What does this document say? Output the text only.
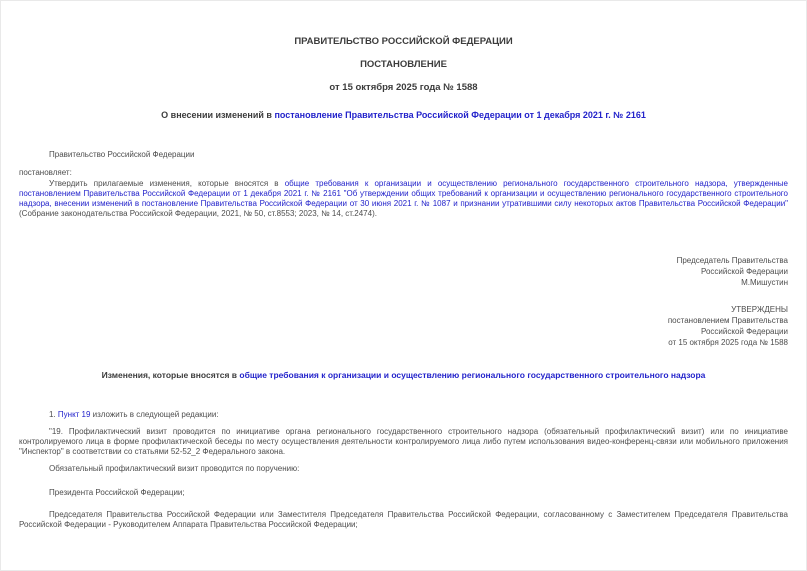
ПРАВИТЕЛЬСТВО РОССИЙСКОЙ ФЕДЕРАЦИИ
ПОСТАНОВЛЕНИЕ
от 15 октября 2025 года № 1588
О внесении изменений в постановление Правительства Российской Федерации от 1 декабря 2021 г. № 2161
Правительство Российской Федерации
постановляет:
Утвердить прилагаемые изменения, которые вносятся в общие требования к организации и осуществлению регионального государственного строительного надзора, утвержденные постановлением Правительства Российской Федерации от 1 декабря 2021 г. № 2161 "Об утверждении общих требований к организации и осуществлению регионального государственного строительного надзора, внесении изменений в постановление Правительства Российской Федерации от 30 июня 2021 г. № 1087 и признании утратившими силу некоторых актов Правительства Российской Федерации" (Собрание законодательства Российской Федерации, 2021, № 50, ст.8553; 2023, № 14, ст.2474).
Председатель Правительства
Российской Федерации
М.Мишустин
УТВЕРЖДЕНЫ
постановлением Правительства
Российской Федерации
от 15 октября 2025 года № 1588
Изменения, которые вносятся в общие требования к организации и осуществлению регионального государственного строительного надзора
1. Пункт 19 изложить в следующей редакции:
"19. Профилактический визит проводится по инициативе органа регионального государственного строительного надзора (обязательный профилактический визит) или по инициативе контролируемого лица в форме профилактической беседы по месту осуществления деятельности контролируемого лица либо путем использования видео-конференц-связи или мобильного приложения "Инспектор" в соответствии со статьями 52-52_2 Федерального закона.
Обязательный профилактический визит проводится по поручению:
Президента Российской Федерации;
Председателя Правительства Российской Федерации или Заместителя Председателя Правительства Российской Федерации, согласованному с Заместителем Председателя Правительства Российской Федерации - Руководителем Аппарата Правительства Российской Федерации;
